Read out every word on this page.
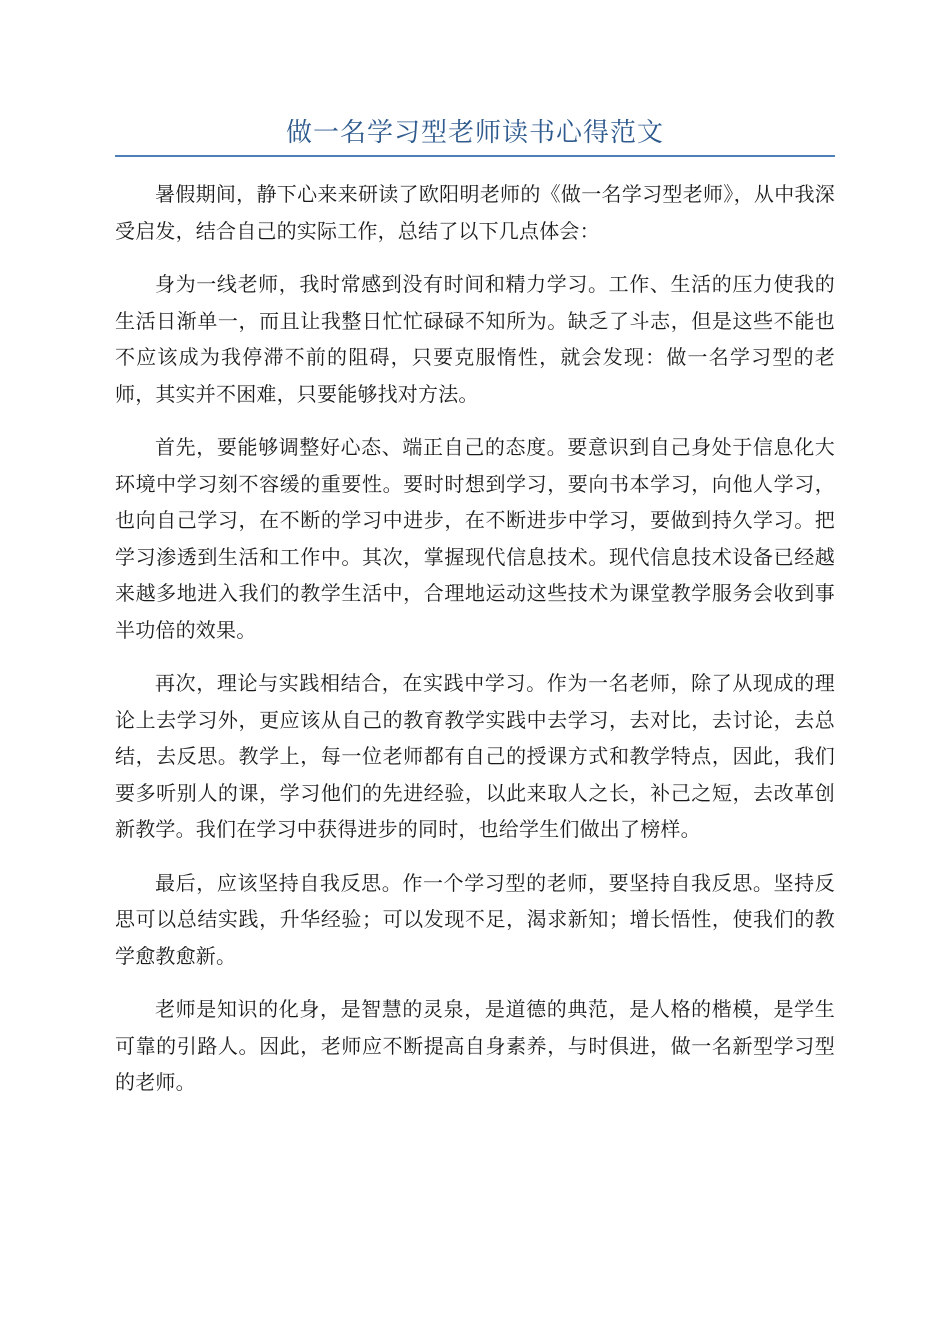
做一名学习型老师读书心得范文

暑假期间，静下心来来研读了欧阳明老师的《做一名学习型老师》，从中我深受启发，结合自己的实际工作，总结了以下几点体会：

身为一线老师，我时常感到没有时间和精力学习。工作、生活的压力使我的生活日渐单一，而且让我整日忙忙碌碌不知所为。缺乏了斗志，但是这些不能也不应该成为我停滞不前的阻碍，只要克服惰性，就会发现：做一名学习型的老师，其实并不困难，只要能够找对方法。

首先，要能够调整好心态、端正自己的态度。要意识到自己身处于信息化大环境中学习刻不容缓的重要性。要时时想到学习，要向书本学习，向他人学习，也向自己学习，在不断的学习中进步，在不断进步中学习，要做到持久学习。把学习渗透到生活和工作中。其次，掌握现代信息技术。现代信息技术设备已经越来越多地进入我们的教学生活中，合理地运动这些技术为课堂教学服务会收到事半功倍的效果。

再次，理论与实践相结合，在实践中学习。作为一名老师，除了从现成的理论上去学习外，更应该从自己的教育教学实践中去学习，去对比，去讨论，去总结，去反思。教学上，每一位老师都有自己的授课方式和教学特点，因此，我们要多听别人的课，学习他们的先进经验，以此来取人之长，补己之短，去改革创新教学。我们在学习中获得进步的同时，也给学生们做出了榜样。

最后，应该坚持自我反思。作一个学习型的老师，要坚持自我反思。坚持反思可以总结实践，升华经验；可以发现不足，渴求新知；增长悟性，使我们的教学愈教愈新。

老师是知识的化身，是智慧的灵泉，是道德的典范，是人格的楷模，是学生可靠的引路人。因此，老师应不断提高自身素养，与时俱进，做一名新型学习型的老师。
